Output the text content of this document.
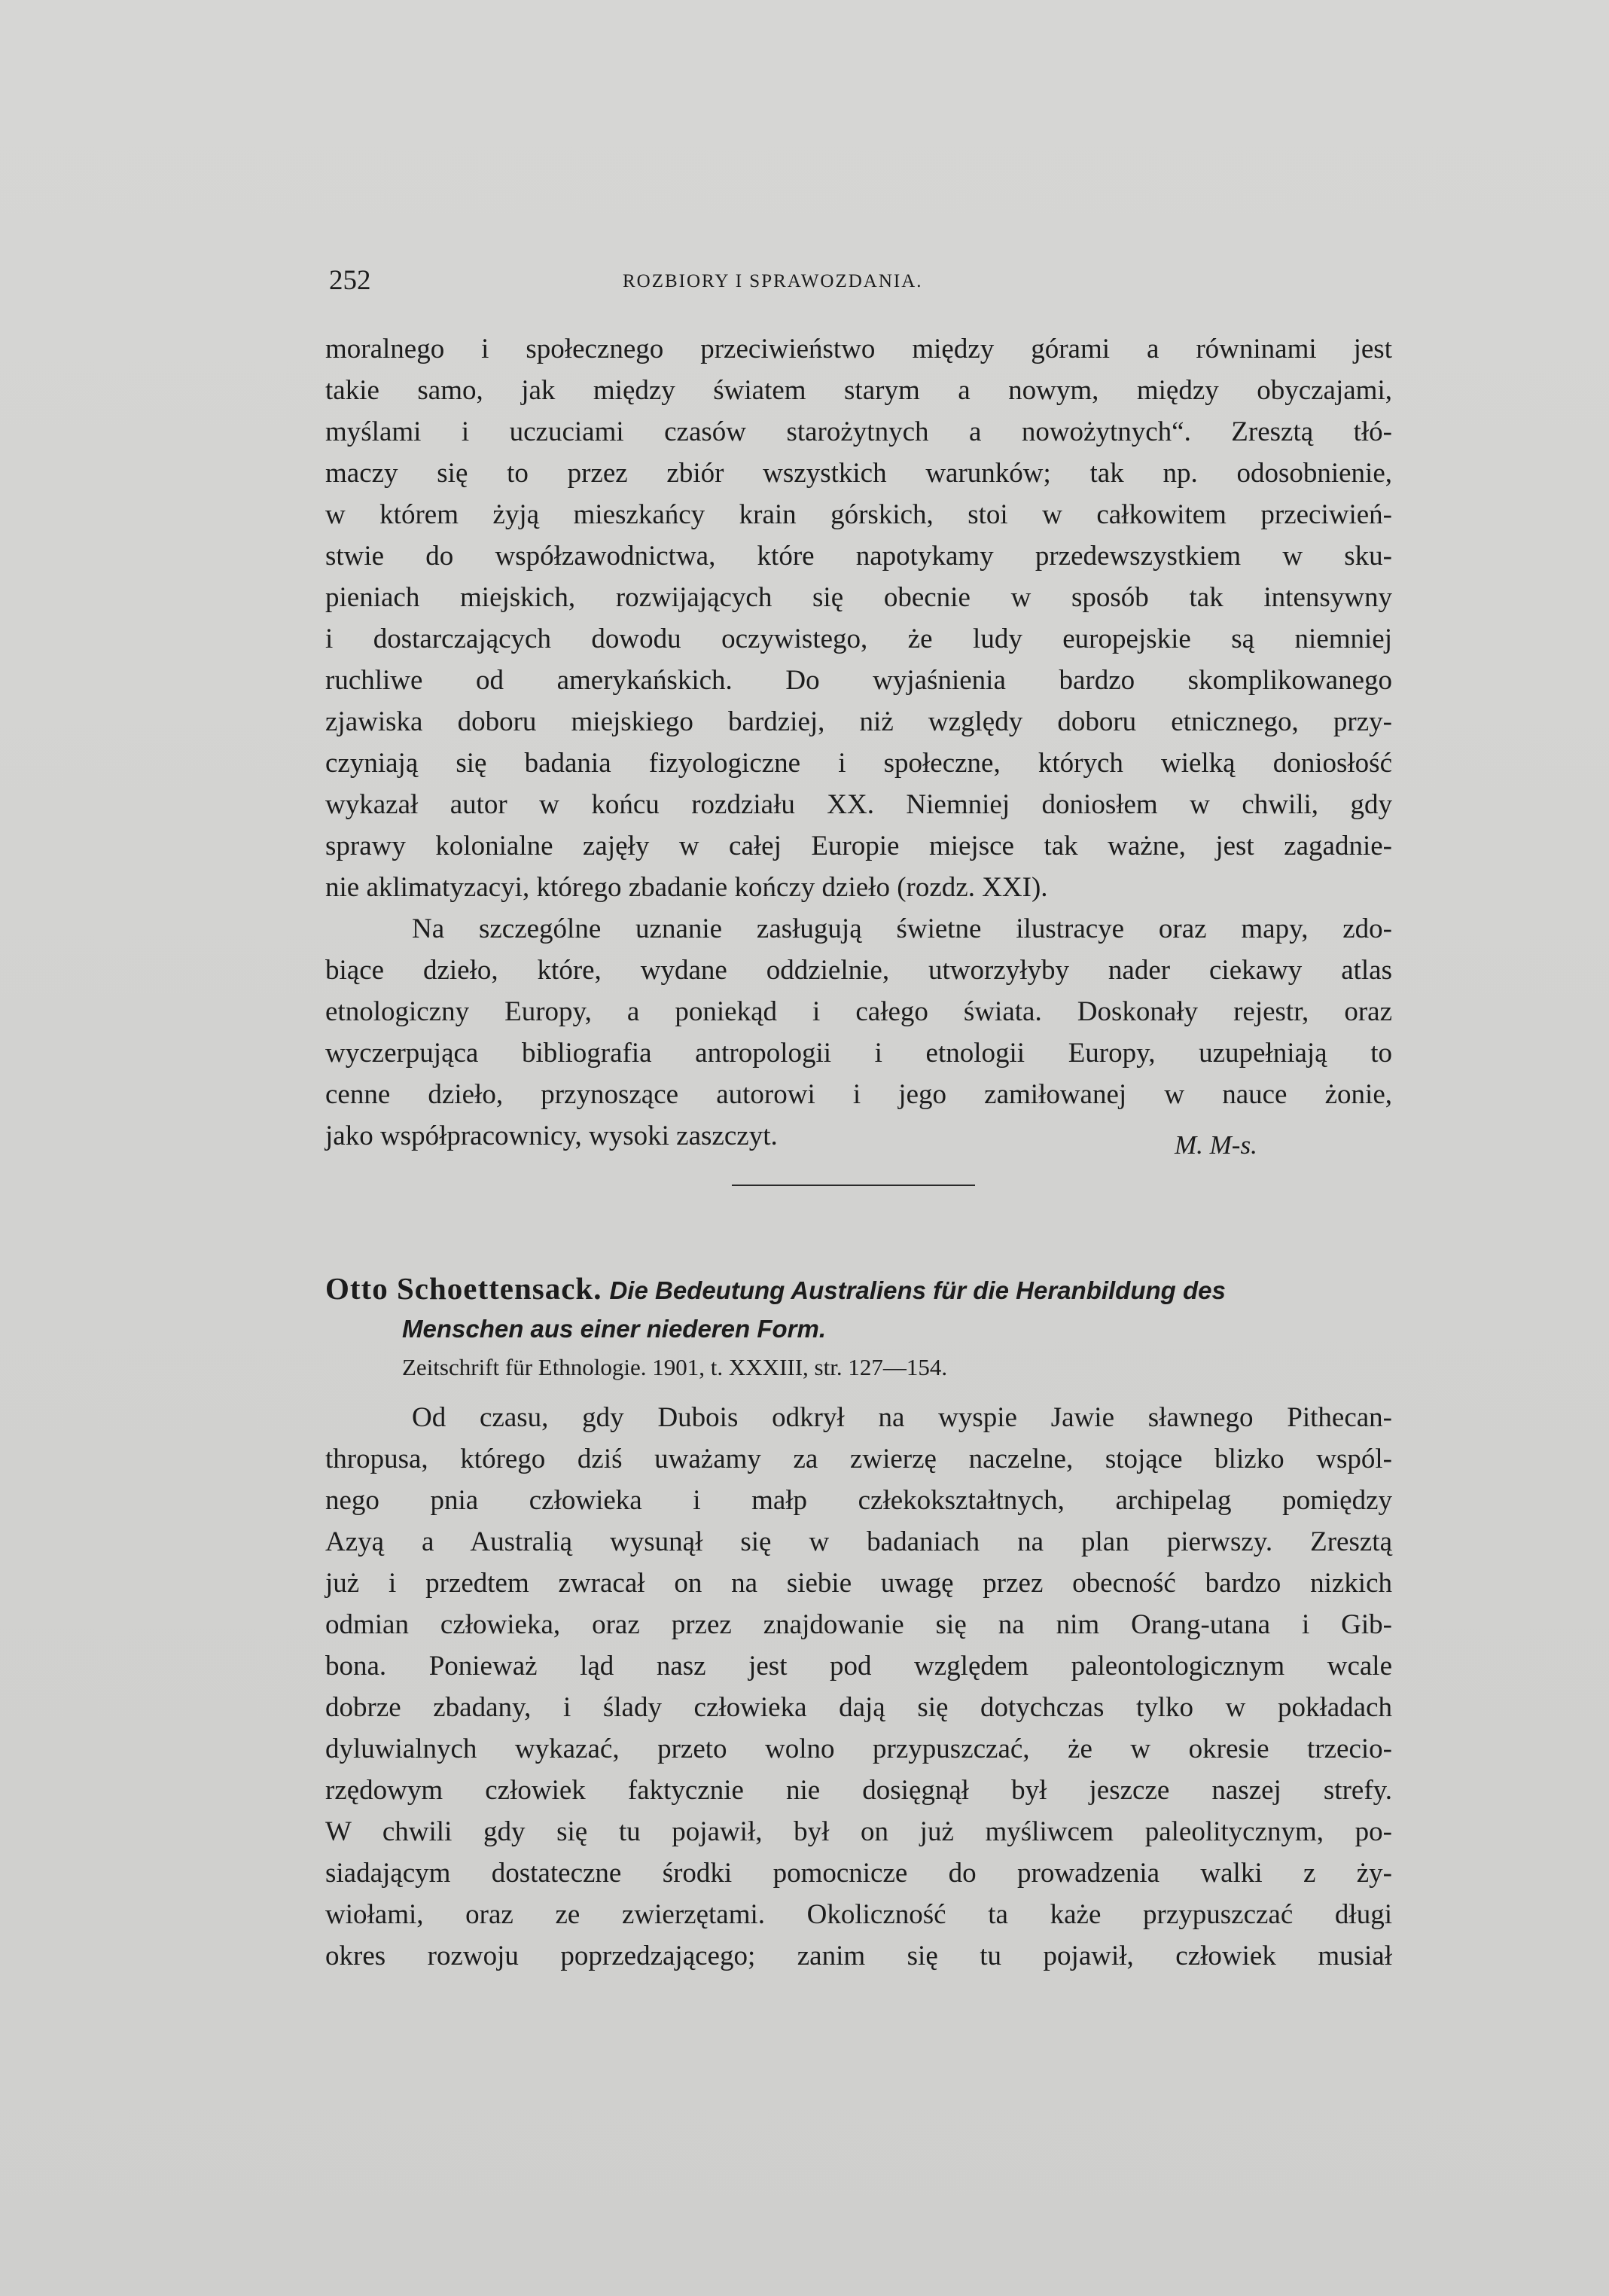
252	ROZBIORY I SPRAWOZDANIA.
moralnego i społecznego przeciwieństwo między górami a równinami jest
takie samo, jak między światem starym a nowym, między obyczajami,
myślami i uczuciami czasów starożytnych a nowożytnych“. Zresztą tłó-
maczy się to przez zbiór wszystkich warunków; tak np. odosobnienie,
w którem żyją mieszkańcy krain górskich, stoi w całkowitem przeciwień-
stwie do współzawodnictwa, które napotykamy przedewszystkiem w sku-
pieniach miejskich, rozwijających się obecnie w sposób tak intensywny
i dostarczających dowodu oczywistego, że ludy europejskie są niemniej
ruchliwe od amerykańskich. Do wyjaśnienia bardzo skomplikowanego
zjawiska doboru miejskiego bardziej, niż względy doboru etnicznego, przy-
czyniają się badania fizyologiczne i społeczne, których wielką doniosłość
wykazał autor w końcu rozdziału XX. Niemniej doniosłem w chwili, gdy
sprawy kolonialne zajęły w całej Europie miejsce tak ważne, jest zagadnie-
nie aklimatyzacyi, którego zbadanie kończy dzieło (rozdz. XXI).
Na szczególne uznanie zasługują świetne ilustracye oraz mapy, zdo-
biące dzieło, które, wydane oddzielnie, utworzyłyby nader ciekawy atlas
etnologiczny Europy, a poniekąd i całego świata. Doskonały rejestr, oraz
wyczerpująca bibliografia antropologii i etnologii Europy, uzupełniają to
cenne dzieło, przynoszące autorowi i jego zamiłowanej w nauce żonie,
jako współpracownicy, wysoki zaszczyt.	M. M-s.
Otto Schoettensack. Die Bedeutung Australiens für die Heranbildung des
Menschen aus einer niederen Form.
Zeitschrift für Ethnologie. 1901, t. XXXIII, str. 127—154.
Od czasu, gdy Dubois odkrył na wyspie Jawie sławnego Pithecan-
thropusa, którego dziś uważamy za zwierzę naczelne, stojące blizko wspól-
nego pnia człowieka i małp człekokształtnych, archipelag pomiędzy
Azyą a Australią wysunął się w badaniach na plan pierwszy. Zresztą
już i przedtem zwracał on na siebie uwagę przez obecność bardzo nizkich
odmian człowieka, oraz przez znajdowanie się na nim Orang-utana i Gib-
bona. Ponieważ ląd nasz jest pod względem paleontologicznym wcale
dobrze zbadany, i ślady człowieka dają się dotychczas tylko w pokładach
dyluwialnych wykazać, przeto wolno przypuszczać, że w okresie trzecio-
rzędowym człowiek faktycznie nie dosięgnął był jeszcze naszej strefy.
W chwili gdy się tu pojawił, był on już myśliwcem paleolitycznym, po-
siadającym dostateczne środki pomocnicze do prowadzenia walki z ży-
wiołami, oraz ze zwierzętami. Okoliczność ta każe przypuszczać długi
okres rozwoju poprzedzającego; zanim się tu pojawił, człowiek musiał
